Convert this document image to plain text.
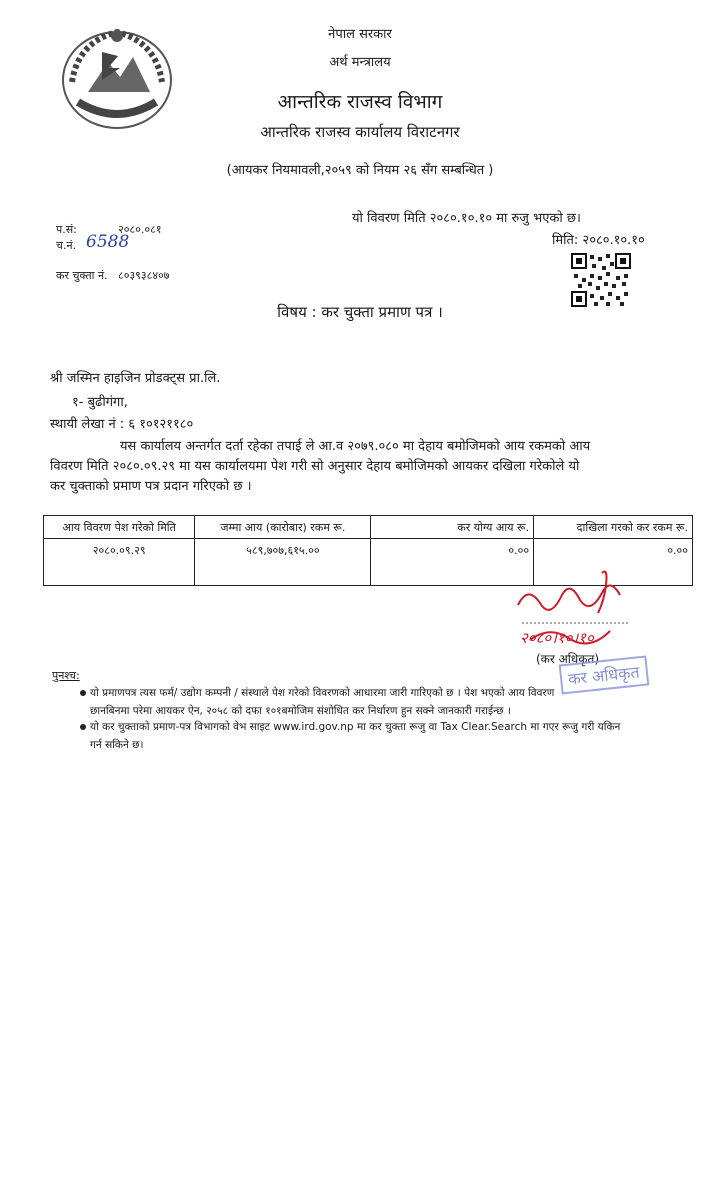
नेपाल सरकार
अर्थ मन्त्रालय
आन्तरिक राजस्व विभाग
आन्तरिक राजस्व कार्यालय विराटनगर
(आयकर नियमावली,२०५९ को नियम २६ सँग सम्बन्धित )
प.सं:	२०८०.०८१
च.नं. 6588
कर चुक्ता नं. ८०३९३८४०७
यो विवरण मिति २०८०.१०.१० मा रुजु भएको छ।
मिति: २०८०.१०.१०
विषय : कर चुक्ता प्रमाण पत्र ।
श्री जस्मिन हाइजिन प्रोडक्ट्स प्रा.लि.
१- बुढीगंगा,
स्थायी लेखा नं : ६ १०१२११८०
यस कार्यालय अन्तर्गत दर्ता रहेका तपाई ले आ.व २०७९.०८० मा देहाय बमोजिमको आय रकमको आय
विवरण मिति २०८०.०९.२९ मा यस कार्यालयमा पेश गरी सो अनुसार देहाय बमोजिमको आयकर दखिला गरेकोले यो
कर चुक्ताको प्रमाण पत्र प्रदान गरिएको छ ।
आय विवरण पेश गरेको मिति	जम्मा आय (कारोबार) रकम रू.	कर योग्य आय रू.	दाखिला गरको कर रकम रू.
२०८०.०९.२९	५८९,७०७,६१५.००	०.००	०.००
२०८०।१०।१०
(कर अधिकृत)
कर अधिकृत
पुनश्च:
यो प्रमाणपत्र त्यस फर्म/ उद्योग कम्पनी / संस्थाले पेश गरेको विवरणको आधारमा जारी गारिएको छ । पेश भएको आय विवरण
छानबिनमा परेमा आयकर ऐन, २०५८ को दफा १०१बमोजिम संशोधित कर निर्धारण हुन सक्ने जानकारी गराईन्छ ।
यो कर चुक्ताको प्रमाण-पत्र विभागको वेभ साइट www.ird.gov.np मा कर चुक्ता रूजु वा Tax Clear.Search मा गएर रूजु गरी यकिन
गर्न सकिने छ।
